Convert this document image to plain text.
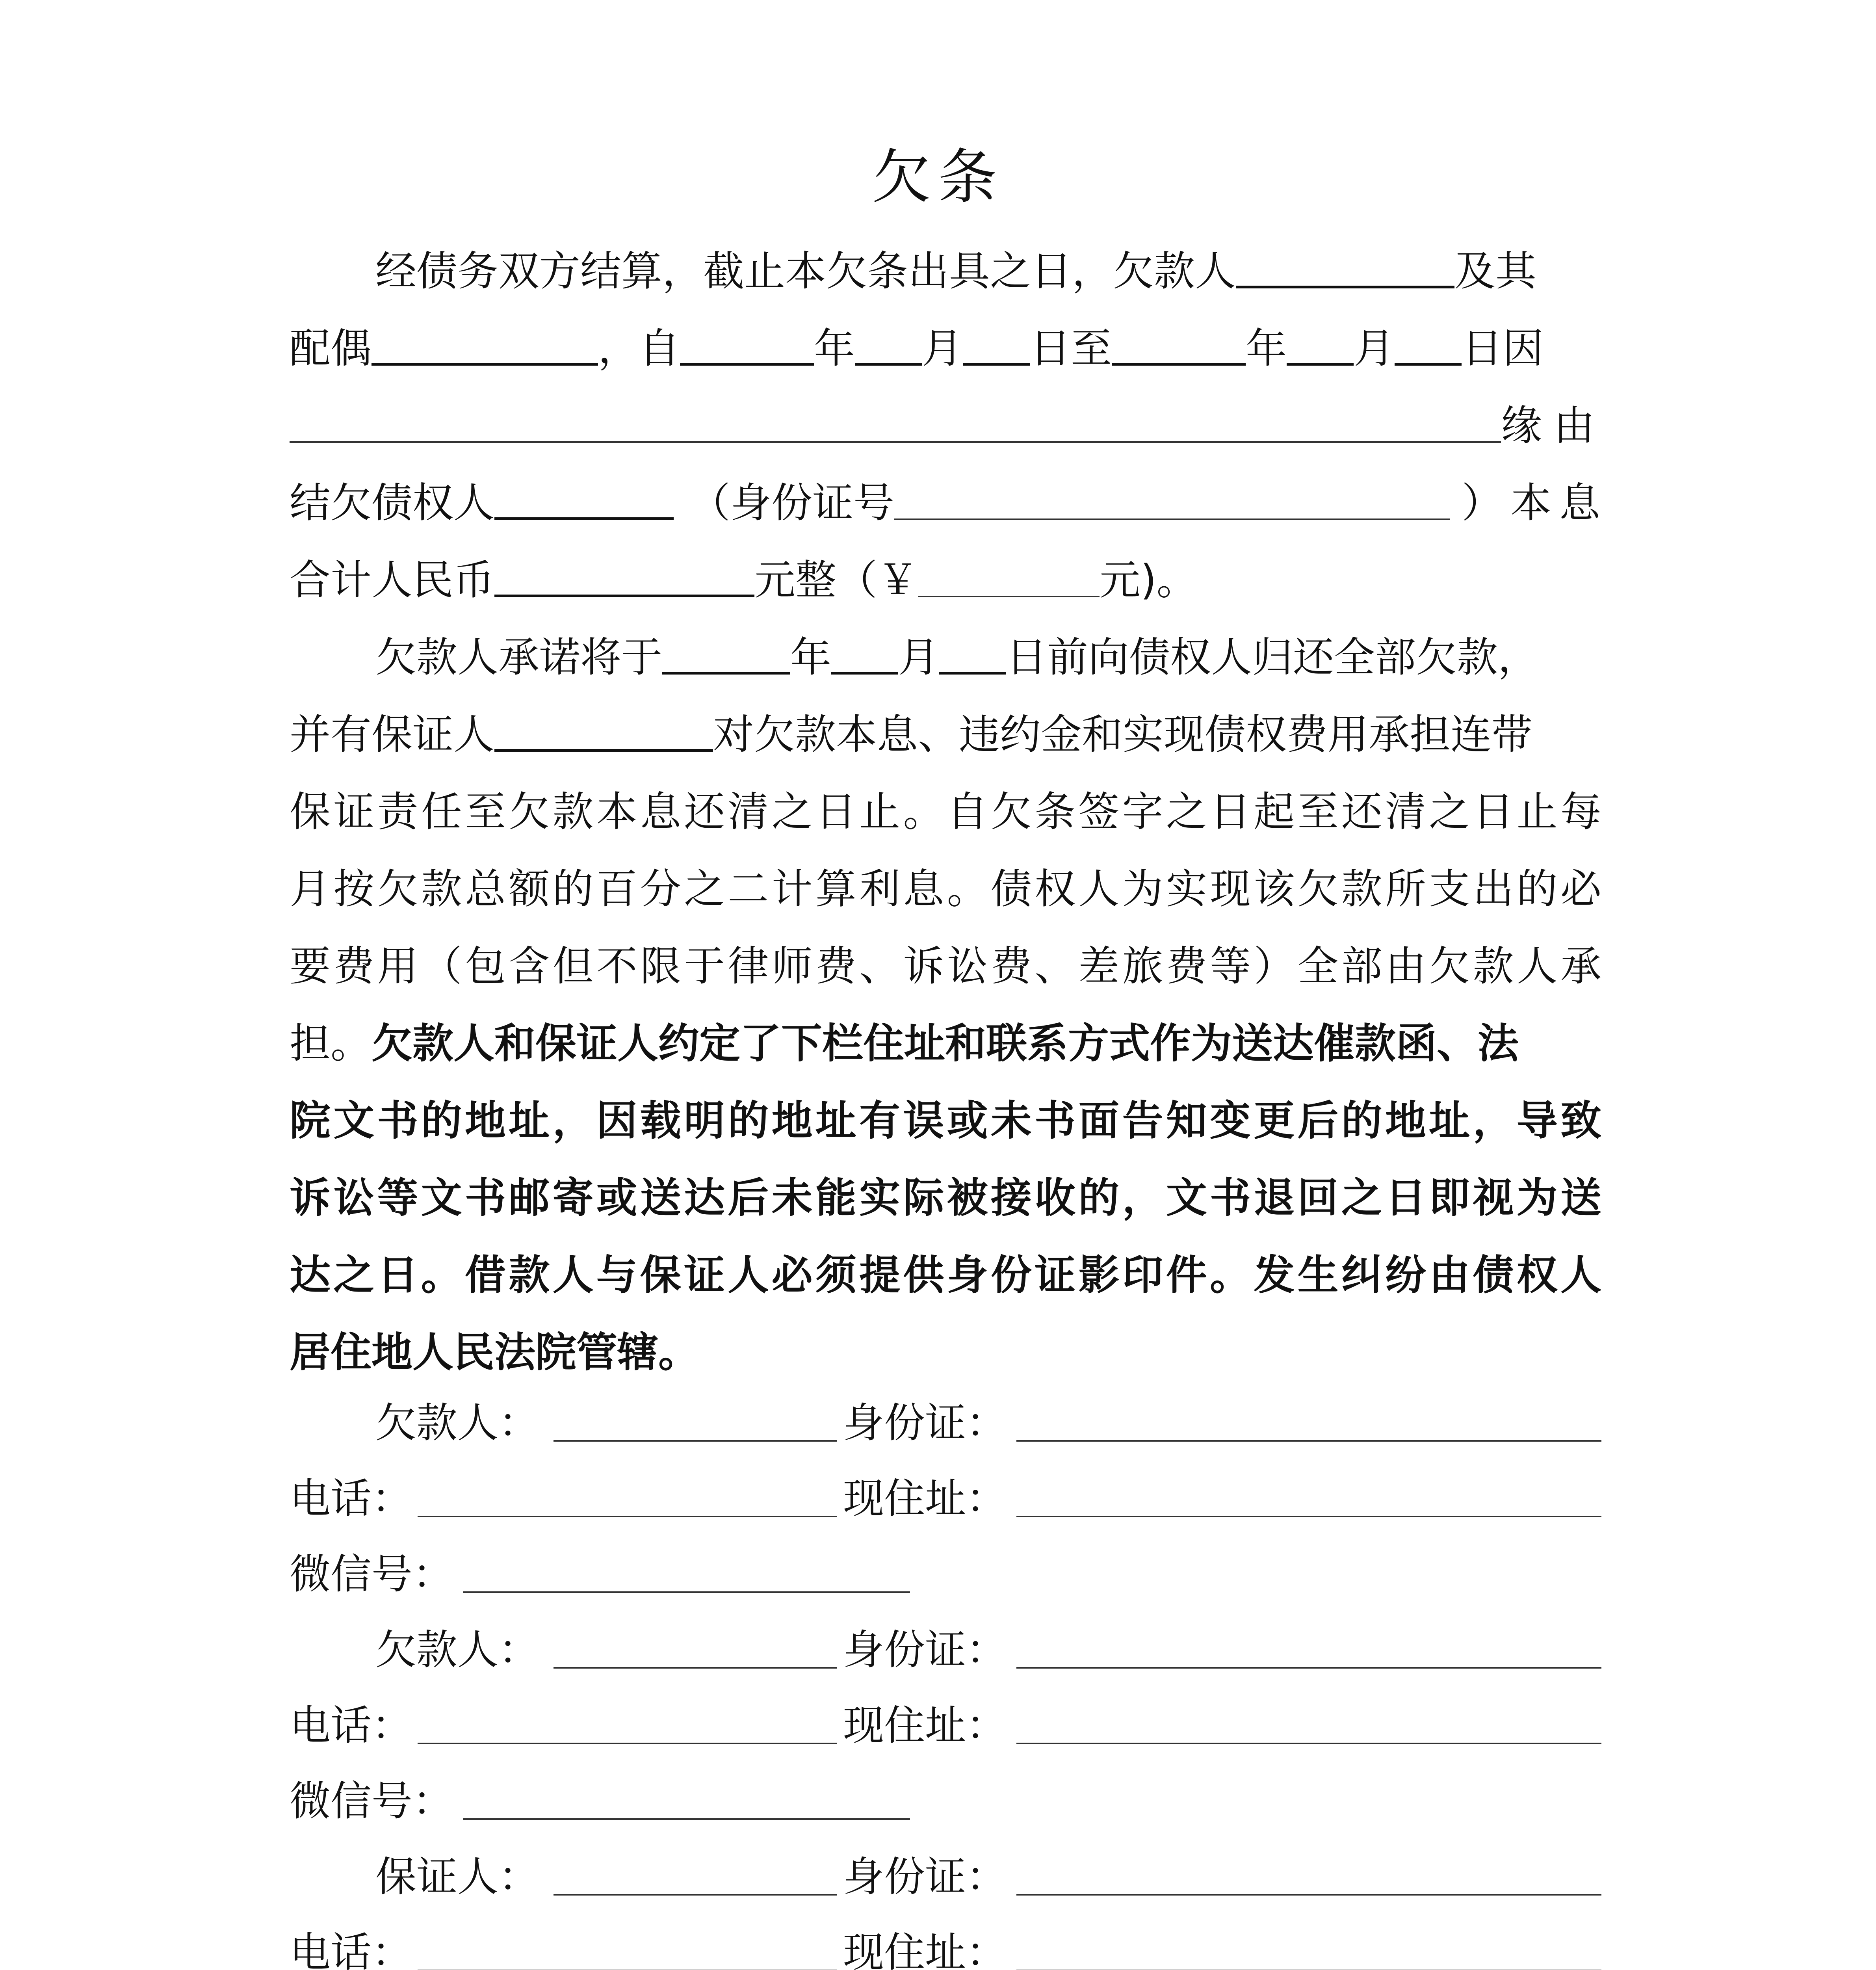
欠条
经债务双方结算，截止本欠条出具之日，欠款人	及其
配偶	，自	年 月 日至	年 月 日因
缘由
结欠债权人	（身份证号	）本息
合计人民币	元整（￥	元)。
欠款人承诺将于	年 月 日前向债权人归还全部欠款，
并有保证人	对欠款本息、违约金和实现债权费用承担连带
保证责任至欠款本息还清之日止。自欠条签字之日起至还清之日止每
月按欠款总额的百分之二计算利息。债权人为实现该欠款所支出的必
要费用（包含但不限于律师费、诉讼费、差旅费等）全部由欠款人承
担。欠款人和保证人约定了下栏住址和联系方式作为送达催款函、法
院文书的地址，因载明的地址有误或未书面告知变更后的地址，导致
诉讼等文书邮寄或送达后未能实际被接收的，文书退回之日即视为送
达之日。借款人与保证人必须提供身份证影印件。发生纠纷由债权人
居住地人民法院管辖。
欠款人：	身份证：
电话：	现住址：
微信号：
欠款人：	身份证：
电话：	现住址：
微信号：
保证人：	身份证：
电话：	现住址：
